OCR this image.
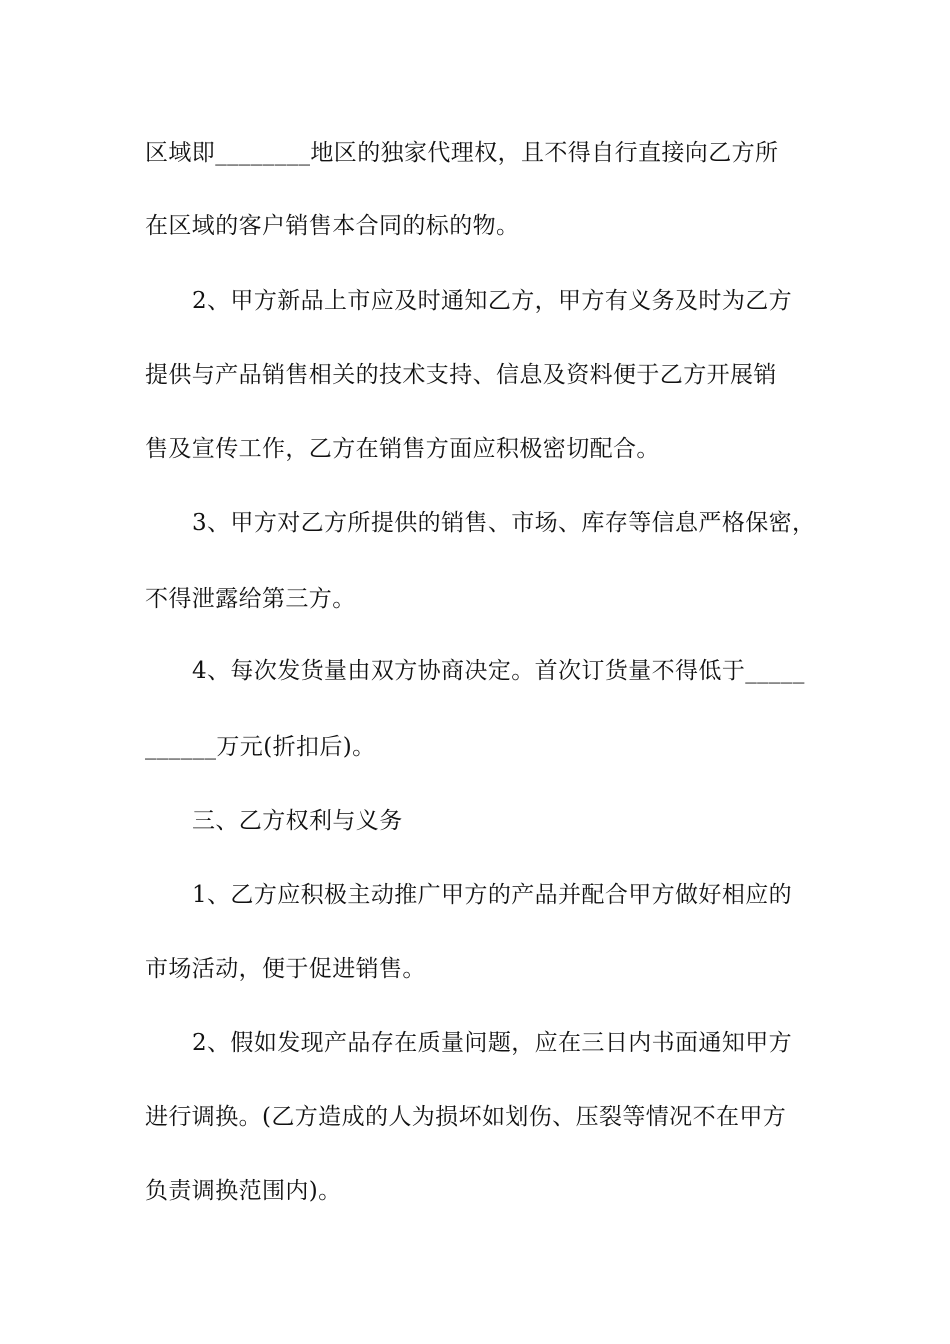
区域即________地区的独家代理权，且不得自行直接向乙方所

在区域的客户销售本合同的标的物。

2、甲方新品上市应及时通知乙方，甲方有义务及时为乙方

提供与产品销售相关的技术支持、信息及资料便于乙方开展销

售及宣传工作，乙方在销售方面应积极密切配合。

3、甲方对乙方所提供的销售、市场、库存等信息严格保密，

不得泄露给第三方。

4、每次发货量由双方协商决定。首次订货量不得低于_____

______万元(折扣后)。

三、乙方权利与义务

1、乙方应积极主动推广甲方的产品并配合甲方做好相应的

市场活动，便于促进销售。

2、假如发现产品存在质量问题，应在三日内书面通知甲方

进行调换。(乙方造成的人为损坏如划伤、压裂等情况不在甲方

负责调换范围内)。
